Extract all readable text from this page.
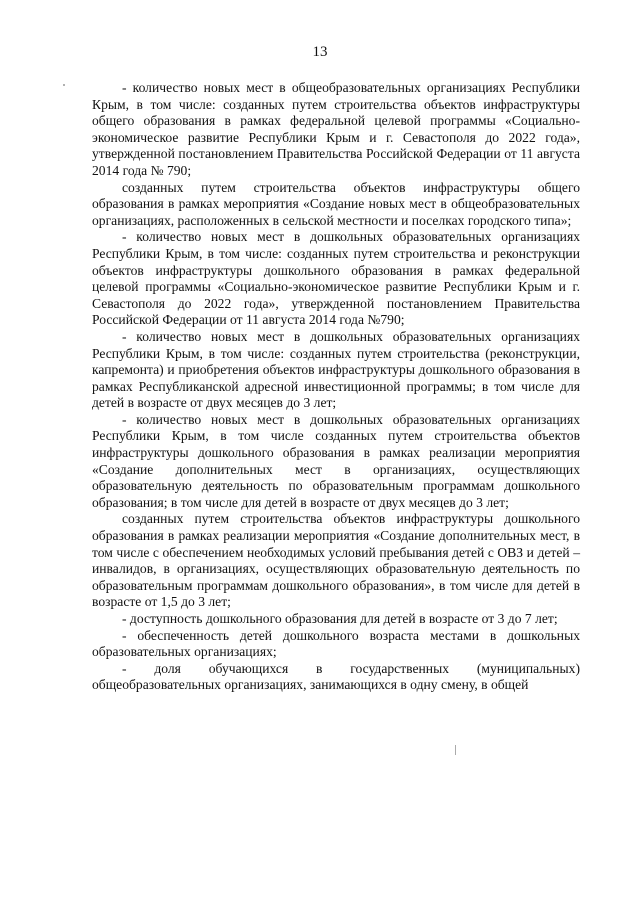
13

- количество новых мест в общеобразовательных организациях Республики Крым, в том числе: созданных путем строительства объектов инфраструктуры общего образования в рамках федеральной целевой программы «Социально-экономическое развитие Республики Крым и г. Севастополя до 2022 года», утвержденной постановлением Правительства Российской Федерации от 11 августа 2014 года № 790;

созданных путем строительства объектов инфраструктуры общего образования в рамках мероприятия «Создание новых мест в общеобразовательных организациях, расположенных в сельской местности и поселках городского типа»;

- количество новых мест в дошкольных образовательных организациях Республики Крым, в том числе: созданных путем строительства и реконструкции объектов инфраструктуры дошкольного образования в рамках федеральной целевой программы «Социально-экономическое развитие Республики Крым и г. Севастополя до 2022 года», утвержденной постановлением Правительства Российской Федерации от 11 августа 2014 года №790;

- количество новых мест в дошкольных образовательных организациях Республики Крым, в том числе: созданных путем строительства (реконструкции, капремонта) и приобретения объектов инфраструктуры дошкольного образования в рамках Республиканской адресной инвестиционной программы; в том числе для детей в возрасте от двух месяцев до 3 лет;

- количество новых мест в дошкольных образовательных организациях Республики Крым, в том числе созданных путем строительства объектов инфраструктуры дошкольного образования в рамках реализации мероприятия «Создание дополнительных мест в организациях, осуществляющих образовательную деятельность по образовательным программам дошкольного образования; в том числе для детей в возрасте от двух месяцев до 3 лет;

созданных путем строительства объектов инфраструктуры дошкольного образования в рамках реализации мероприятия «Создание дополнительных мест, в том числе с обеспечением необходимых условий пребывания детей с ОВЗ и детей –инвалидов, в организациях, осуществляющих образовательную деятельность по образовательным программам дошкольного образования», в том числе для детей в возрасте от 1,5 до 3 лет;

- доступность дошкольного образования для детей в возрасте от 3 до 7 лет;

- обеспеченность детей дошкольного возраста местами в дошкольных образовательных организациях;

- доля обучающихся в государственных (муниципальных) общеобразовательных организациях, занимающихся в одну смену, в общей
